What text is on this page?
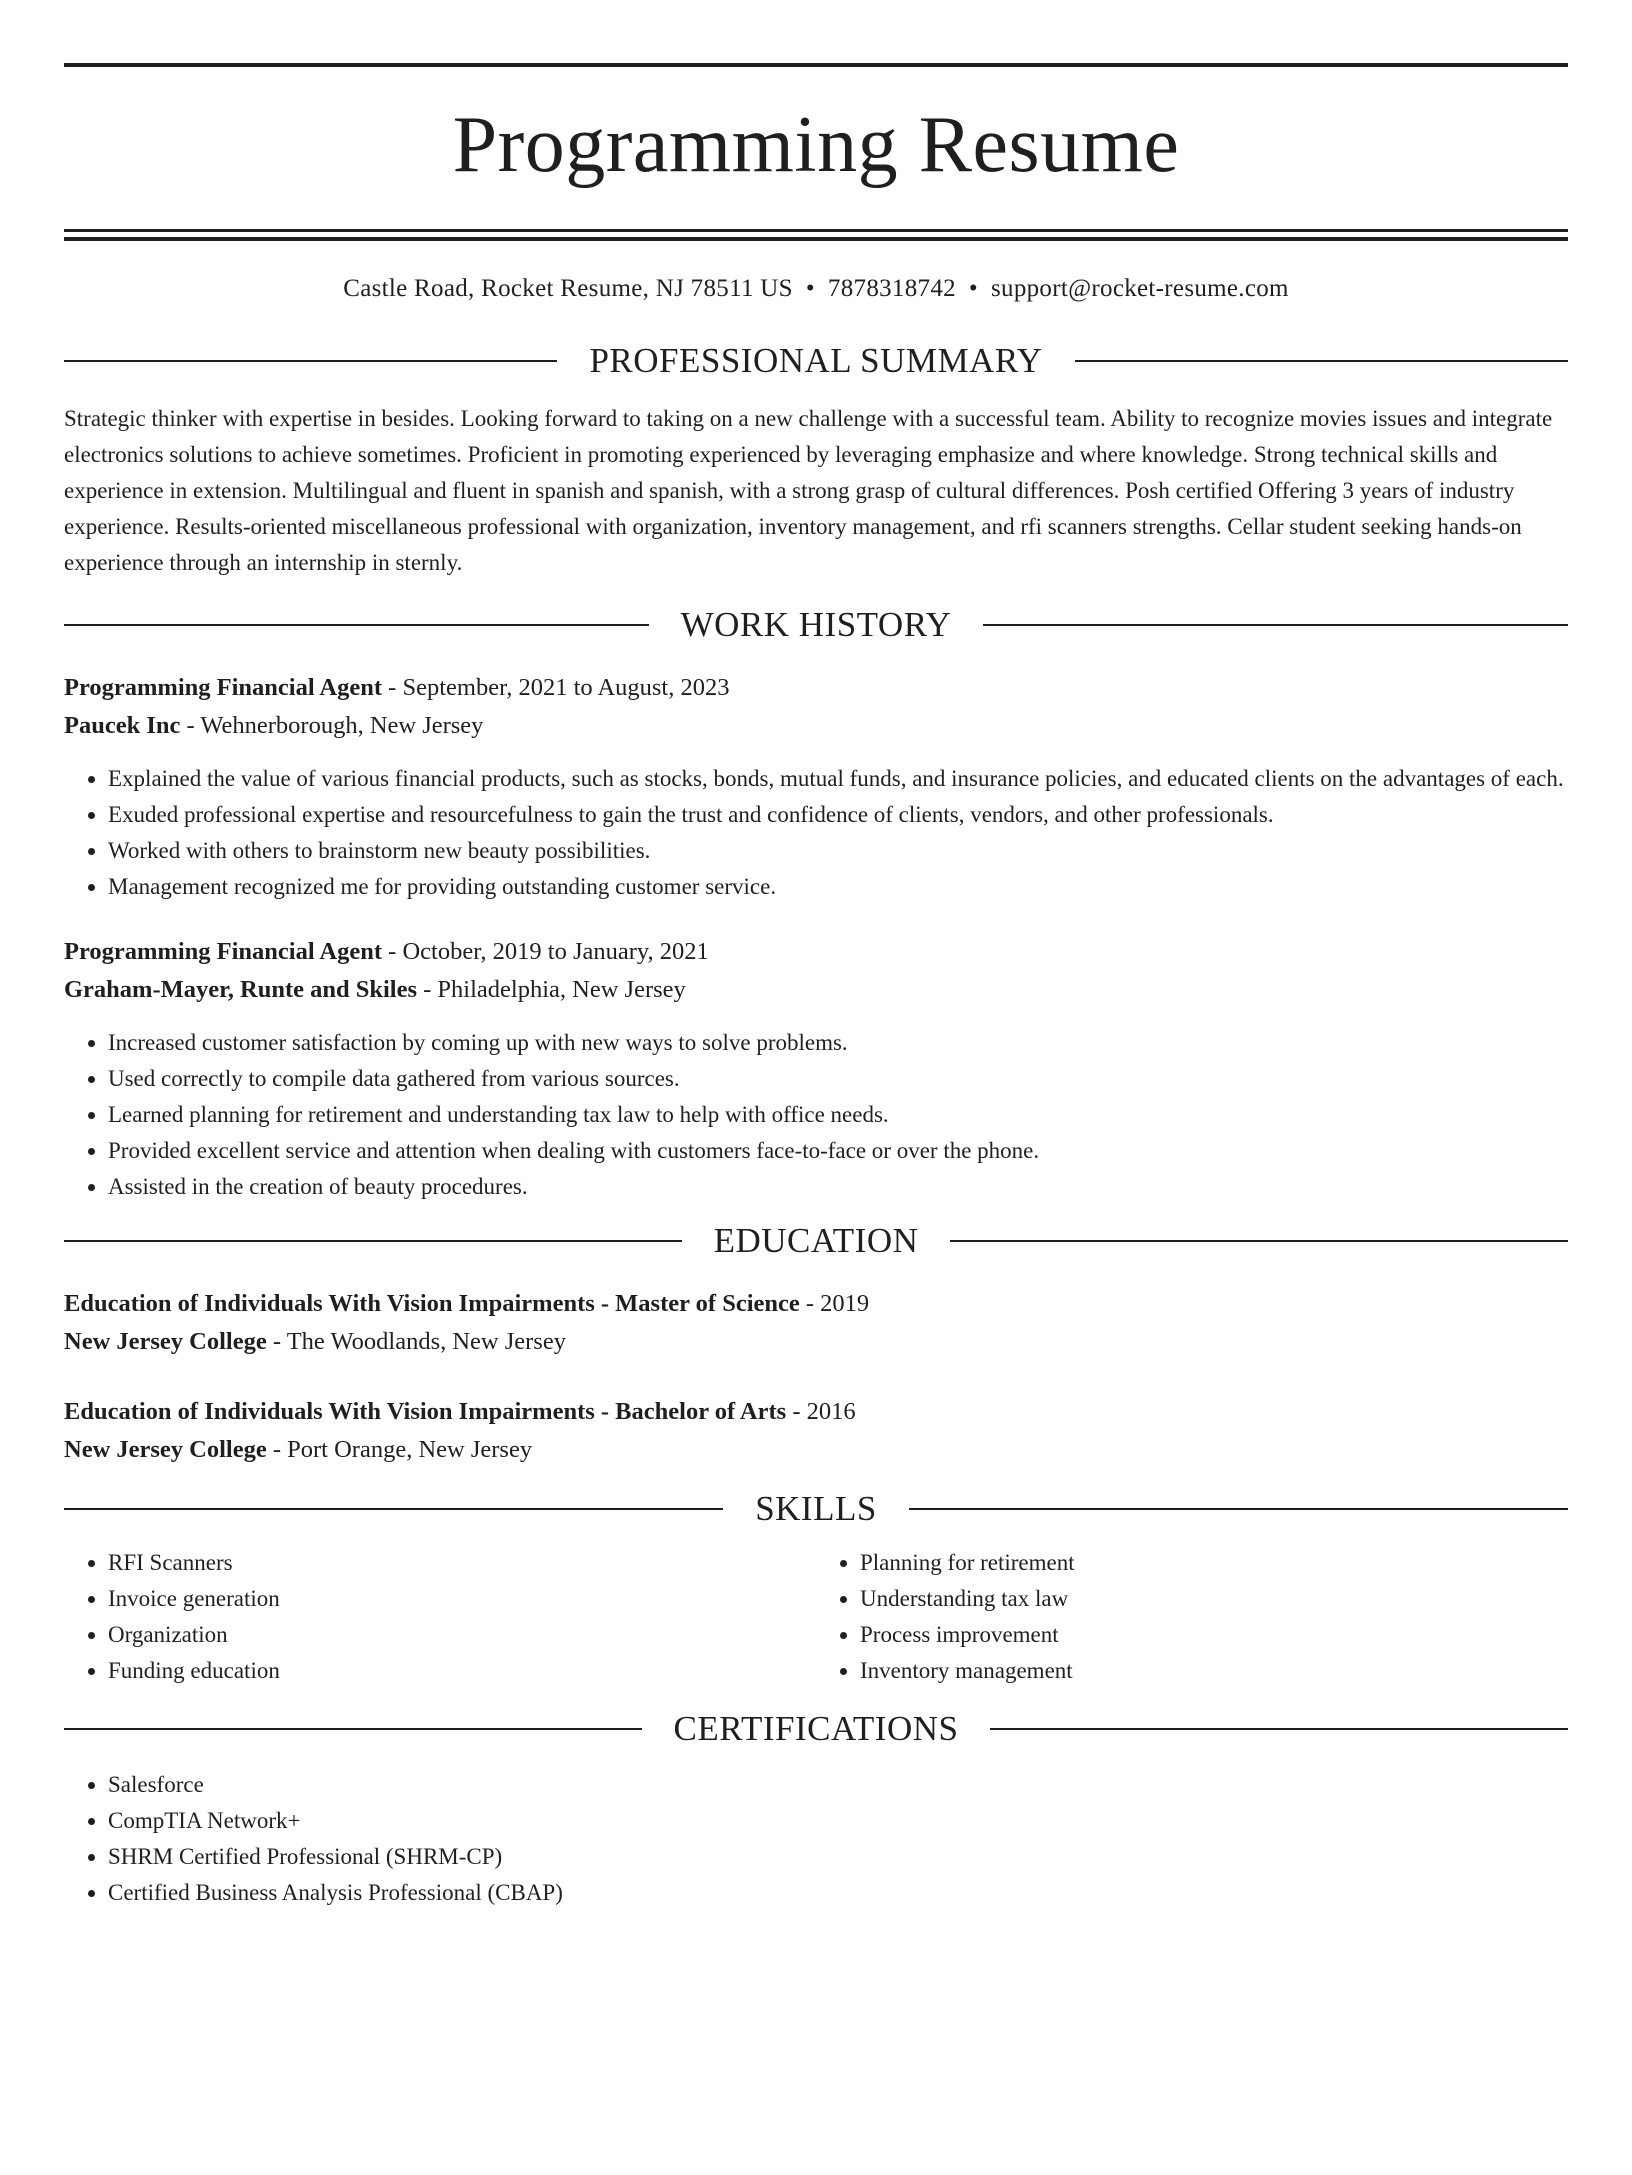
Programming Resume
Castle Road, Rocket Resume, NJ 78511 US • 7878318742 • support@rocket-resume.com
PROFESSIONAL SUMMARY

Strategic thinker with expertise in besides. Looking forward to taking on a new challenge with a successful team. Ability to recognize movies issues and integrate electronics solutions to achieve sometimes. Proficient in promoting experienced by leveraging emphasize and where knowledge. Strong technical skills and experience in extension. Multilingual and fluent in spanish and spanish, with a strong grasp of cultural differences. Posh certified Offering 3 years of industry experience. Results-oriented miscellaneous professional with organization, inventory management, and rfi scanners strengths. Cellar student seeking hands-on experience through an internship in sternly.

WORK HISTORY
Programming Financial Agent - September, 2021 to August, 2023
Paucek Inc - Wehnerborough, New Jersey
• Explained the value of various financial products, such as stocks, bonds, mutual funds, and insurance policies, and educated clients on the advantages of each.
• Exuded professional expertise and resourcefulness to gain the trust and confidence of clients, vendors, and other professionals.
• Worked with others to brainstorm new beauty possibilities.
• Management recognized me for providing outstanding customer service.
Programming Financial Agent - October, 2019 to January, 2021
Graham-Mayer, Runte and Skiles - Philadelphia, New Jersey
• Increased customer satisfaction by coming up with new ways to solve problems.
• Used correctly to compile data gathered from various sources.
• Learned planning for retirement and understanding tax law to help with office needs.
• Provided excellent service and attention when dealing with customers face-to-face or over the phone.
• Assisted in the creation of beauty procedures.
EDUCATION
Education of Individuals With Vision Impairments - Master of Science - 2019
New Jersey College - The Woodlands, New Jersey
Education of Individuals With Vision Impairments - Bachelor of Arts - 2016
New Jersey College - Port Orange, New Jersey
SKILLS
• RFI Scanners
• Invoice generation
• Organization
• Funding education
• Planning for retirement
• Understanding tax law
• Process improvement
• Inventory management
CERTIFICATIONS
• Salesforce
• CompTIA Network+
• SHRM Certified Professional (SHRM-CP)
• Certified Business Analysis Professional (CBAP)
